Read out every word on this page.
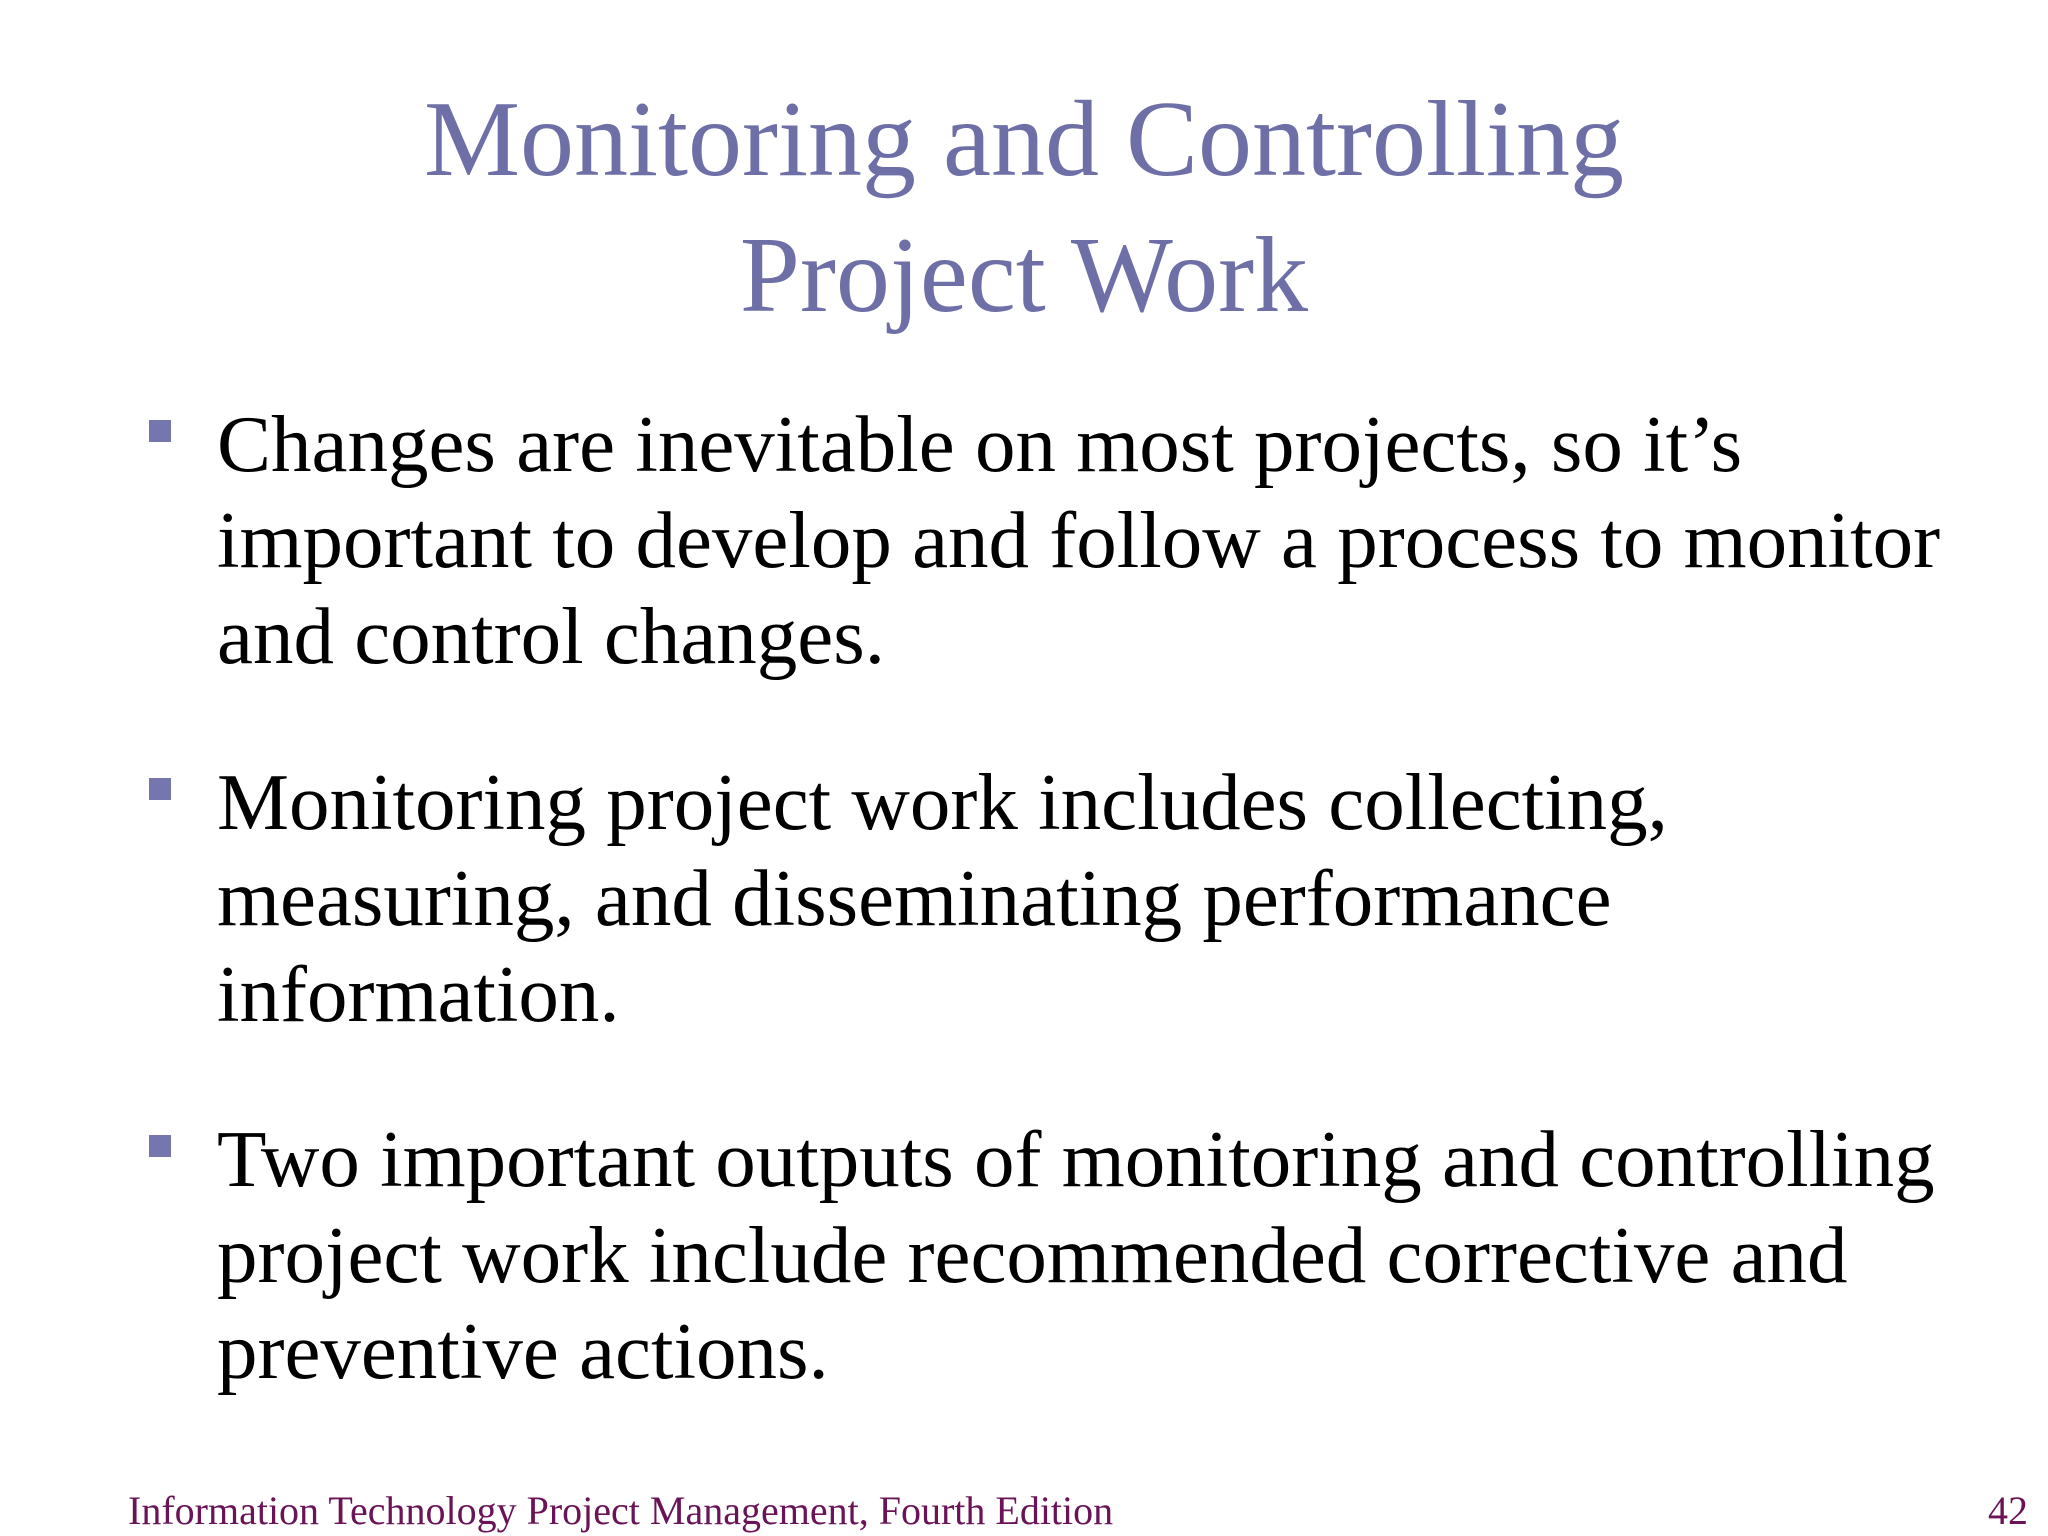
Monitoring and Controlling
Project Work
Changes are inevitable on most projects, so it’s
important to develop and follow a process to monitor
and control changes.
Monitoring project work includes collecting,
measuring, and disseminating performance
information.
Two important outputs of monitoring and controlling
project work include recommended corrective and
preventive actions.
Information Technology Project Management, Fourth Edition	42
